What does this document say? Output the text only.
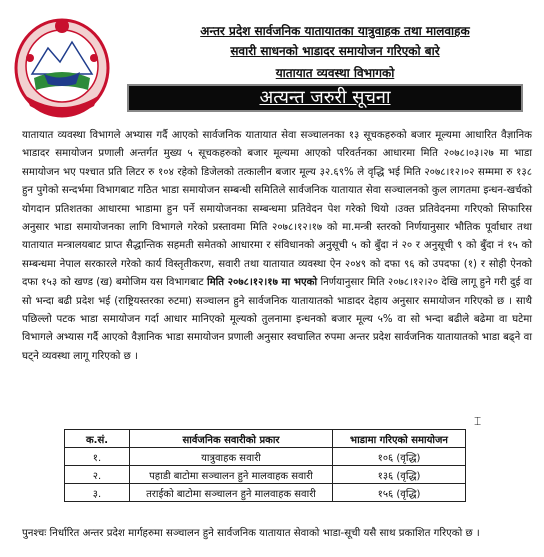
अन्तर प्रदेश सार्वजनिक यातायातका यात्रुवाहक तथा मालवाहक
सवारी साधनको भाडादर समायोजन गरिएको बारे
यातायात व्यवस्था विभागको
अत्यन्त जरुरी सूचना
यातायात व्यवस्था विभागले अभ्यास गर्दै आएको सार्वजनिक यातायात सेवा सञ्चालनका १३ सूचकहरुको बजार मूल्यमा आधारित वैज्ञानिक भाडादर समायोजन प्रणाली अन्तर्गत मुख्य ५ सूचकहरुको बजार मूल्यमा आएको परिवर्तनका आधारमा मिति २०७८।०३।२७ मा भाडा समायोजन भए पश्चात प्रति लिटर रु १०४ रहेको डिजेलको तत्कालीन बजार मूल्य ३२.६९% ले वृद्धि भई मिति २०७८।१२।०२ सम्ममा रु १३८ हुन पुगेको सन्दर्भमा विभागबाट गठित भाडा समायोजन सम्बन्धी समितिले सार्वजनिक यातायात सेवा सञ्चालनको कुल लागतमा इन्धन-खर्चको योगदान प्रतिशतका आधारमा भाडामा हुन पर्ने समायोजनका सम्बन्धमा प्रतिवेदन पेश गरेको थियो ।उक्त प्रतिवेदनमा गरिएको सिफारिस अनुसार भाडा समायोजनका लागि विभागले गरेको प्रस्तावमा मिति २०७८।१२।१७ को मा.मन्त्री स्तरको निर्णयानुसार भौतिक पूर्वाधार तथा यातायात मन्त्रालयबाट प्राप्त सैद्धान्तिक सहमती समेतको आधारमा र संविधानको अनुसूची ५ को बुँदा नं २० र अनुसूची ९ को बुँदा नं १५ को सम्बन्धमा नेपाल सरकारले गरेको कार्य विस्तृतीकरण, सवारी तथा यातायात व्यवस्था ऐन २०४९ को दफा ९६ को उपदफा (१) र सोही ऐनको दफा १५३ को खण्ड (ख) बमोजिम यस विभागबाट मिति २०७८।१२।१७ मा भएको निर्णयानुसार मिति २०७८।१२।२० देखि लागू हुने गरी दुई वा सो भन्दा बढी प्रदेश भई (राष्ट्रियस्तरका रुटमा) सञ्चालन हुने सार्वजनिक यातायातको भाडादर देहाय अनुसार समायोजन गरिएको छ । साथै पछिल्लो पटक भाडा समायोजन गर्दा आधार मानिएको मूल्यको तुलनामा इन्धनको बजार मूल्य ५% वा सो भन्दा बढीले बढेमा वा घटेमा विभागले अभ्यास गर्दै आएको वैज्ञानिक भाडा समायोजन प्रणाली अनुसार स्वचालित रुपमा अन्तर प्रदेश सार्वजनिक यातायातको भाडा बढ्ने वा घट्ने व्यवस्था लागू गरिएको छ ।
⌶
क.सं.	सार्वजनिक सवारीको प्रकार	भाडामा गरिएको समायोजन
१.	यात्रुवाहक सवारी	१०६ (वृद्धि)
२.	पहाडी बाटोमा सञ्चालन हुने मालवाहक सवारी	१३६ (वृद्धि)
३.	तराईको बाटोमा सञ्चालन हुने मालवाहक सवारी	१५६ (वृद्धि)
पुनश्चः निर्धारित अन्तर प्रदेश मार्गहरुमा सञ्चालन हुने सार्वजनिक यातायात सेवाको भाडा-सूची यसै साथ प्रकाशित गरिएको छ ।
